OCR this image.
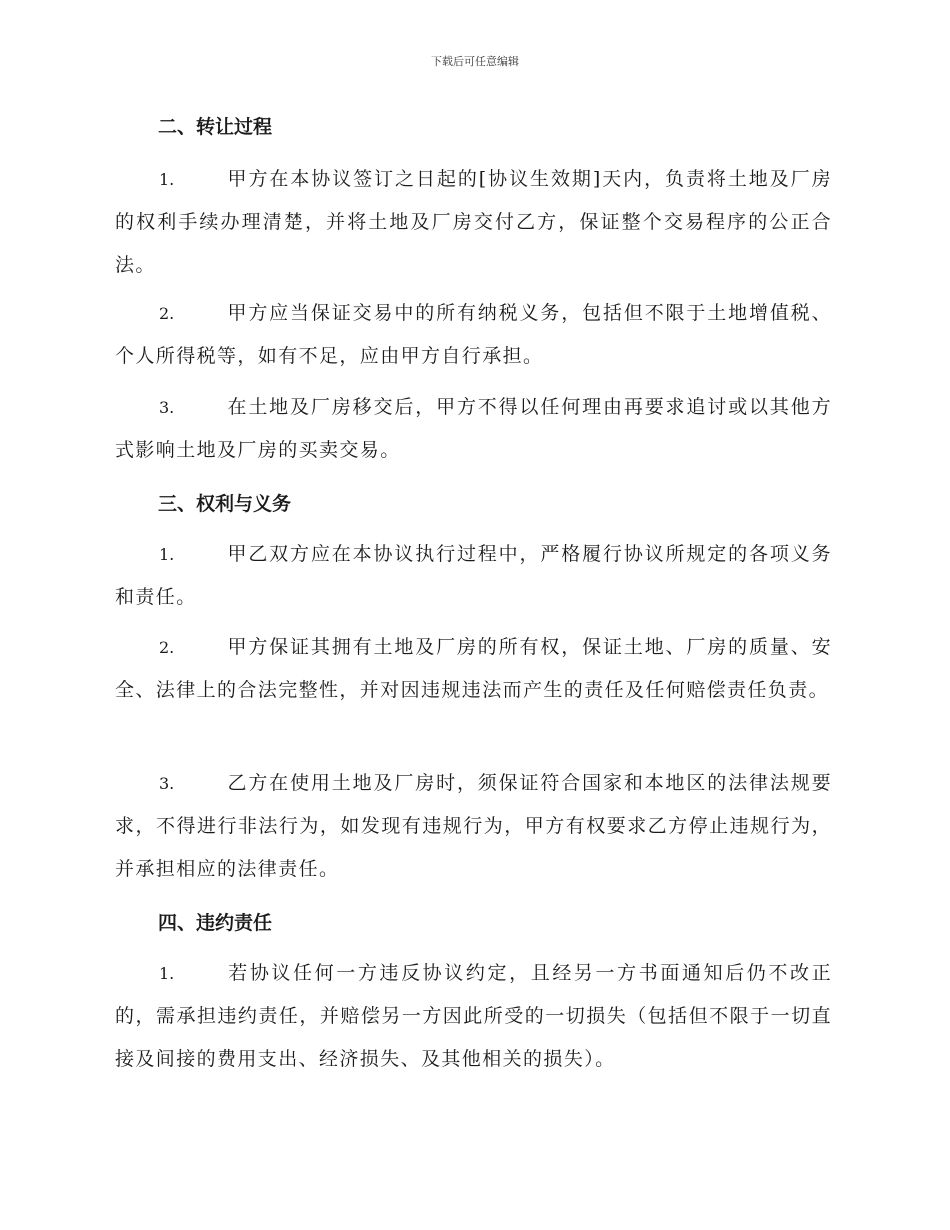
下载后可任意编辑
二、转让过程
1.	甲方在本协议签订之日起的[协议生效期]天内，负责将土地及厂房的权利手续办理清楚，并将土地及厂房交付乙方，保证整个交易程序的公正合法。
2.	甲方应当保证交易中的所有纳税义务，包括但不限于土地增值税、个人所得税等，如有不足，应由甲方自行承担。
3.	在土地及厂房移交后，甲方不得以任何理由再要求追讨或以其他方式影响土地及厂房的买卖交易。
三、权利与义务
1.	甲乙双方应在本协议执行过程中，严格履行协议所规定的各项义务和责任。
2.	甲方保证其拥有土地及厂房的所有权，保证土地、厂房的质量、安全、法律上的合法完整性，并对因违规违法而产生的责任及任何赔偿责任负责。
3.	乙方在使用土地及厂房时，须保证符合国家和本地区的法律法规要求，不得进行非法行为，如发现有违规行为，甲方有权要求乙方停止违规行为，并承担相应的法律责任。
四、违约责任
1.	若协议任何一方违反协议约定，且经另一方书面通知后仍不改正的，需承担违约责任，并赔偿另一方因此所受的一切损失（包括但不限于一切直接及间接的费用支出、经济损失、及其他相关的损失）。
